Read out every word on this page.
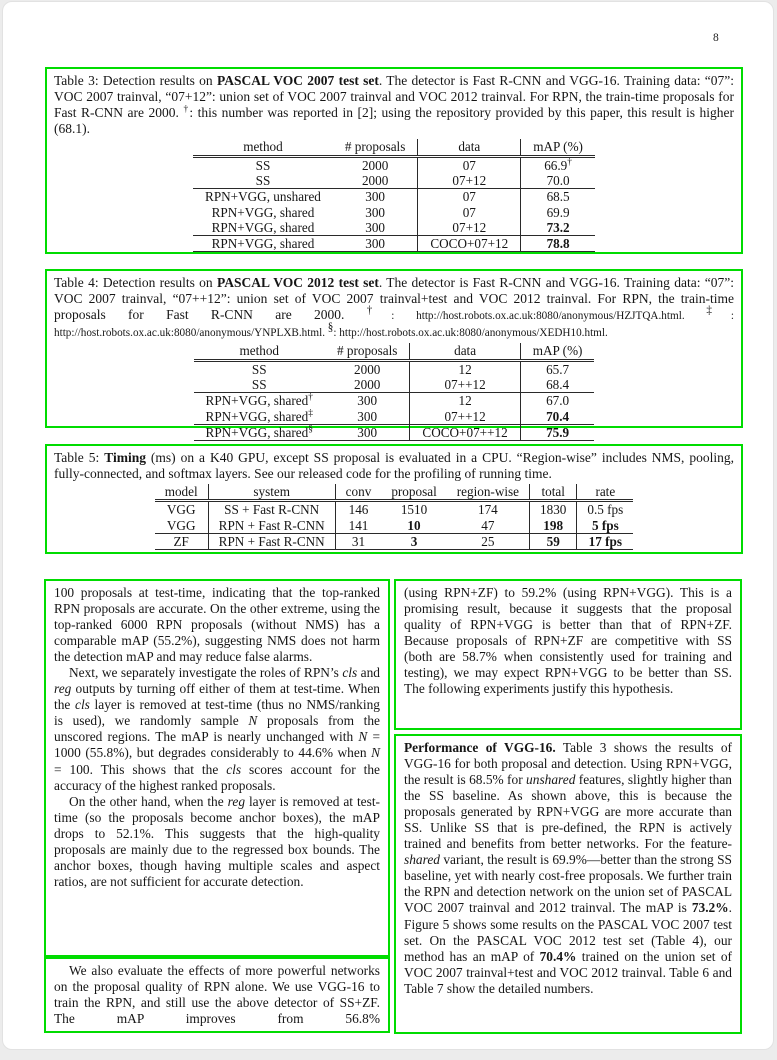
8

Table 3: Detection results on PASCAL VOC 2007 test set. The detector is Fast R-CNN and VGG-16. Training data: “07”: VOC 2007 trainval, “07+12”: union set of VOC 2007 trainval and VOC 2012 trainval. For RPN, the train-time proposals for Fast R-CNN are 2000. †: this number was reported in [2]; using the repository provided by this paper, this result is higher (68.1).

method	# proposals	data	mAP (%)
SS	2000	07	66.9†
SS	2000	07+12	70.0
RPN+VGG, unshared	300	07	68.5
RPN+VGG, shared	300	07	69.9
RPN+VGG, shared	300	07+12	73.2
RPN+VGG, shared	300	COCO+07+12	78.8

Table 4: Detection results on PASCAL VOC 2012 test set. The detector is Fast R-CNN and VGG-16. Training data: “07”: VOC 2007 trainval, “07++12”: union set of VOC 2007 trainval+test and VOC 2012 trainval. For RPN, the train-time proposals for Fast R-CNN are 2000. †: http://host.robots.ox.ac.uk:8080/anonymous/HZJTQA.html. ‡: http://host.robots.ox.ac.uk:8080/anonymous/YNPLXB.html. §: http://host.robots.ox.ac.uk:8080/anonymous/XEDH10.html.

method	# proposals	data	mAP (%)
SS	2000	12	65.7
SS	2000	07++12	68.4
RPN+VGG, shared†	300	12	67.0
RPN+VGG, shared‡	300	07++12	70.4
RPN+VGG, shared§	300	COCO+07++12	75.9

Table 5: Timing (ms) on a K40 GPU, except SS proposal is evaluated in a CPU. “Region-wise” includes NMS, pooling, fully-connected, and softmax layers. See our released code for the profiling of running time.

model	system	conv	proposal	region-wise	total	rate
VGG	SS + Fast R-CNN	146	1510	174	1830	0.5 fps
VGG	RPN + Fast R-CNN	141	10	47	198	5 fps
ZF	RPN + Fast R-CNN	31	3	25	59	17 fps

100 proposals at test-time, indicating that the top-ranked RPN proposals are accurate. On the other extreme, using the top-ranked 6000 RPN proposals (without NMS) has a comparable mAP (55.2%), suggesting NMS does not harm the detection mAP and may reduce false alarms.

Next, we separately investigate the roles of RPN’s cls and reg outputs by turning off either of them at test-time. When the cls layer is removed at test-time (thus no NMS/ranking is used), we randomly sample N proposals from the unscored regions. The mAP is nearly unchanged with N = 1000 (55.8%), but degrades considerably to 44.6% when N = 100. This shows that the cls scores account for the accuracy of the highest ranked proposals.

On the other hand, when the reg layer is removed at test-time (so the proposals become anchor boxes), the mAP drops to 52.1%. This suggests that the high-quality proposals are mainly due to the regressed box bounds. The anchor boxes, though having multiple scales and aspect ratios, are not sufficient for accurate detection.

We also evaluate the effects of more powerful networks on the proposal quality of RPN alone. We use VGG-16 to train the RPN, and still use the above detector of SS+ZF. The mAP improves from 56.8%

(using RPN+ZF) to 59.2% (using RPN+VGG). This is a promising result, because it suggests that the proposal quality of RPN+VGG is better than that of RPN+ZF. Because proposals of RPN+ZF are competitive with SS (both are 58.7% when consistently used for training and testing), we may expect RPN+VGG to be better than SS. The following experiments justify this hypothesis.

Performance of VGG-16. Table 3 shows the results of VGG-16 for both proposal and detection. Using RPN+VGG, the result is 68.5% for unshared features, slightly higher than the SS baseline. As shown above, this is because the proposals generated by RPN+VGG are more accurate than SS. Unlike SS that is pre-defined, the RPN is actively trained and benefits from better networks. For the feature-shared variant, the result is 69.9%—better than the strong SS baseline, yet with nearly cost-free proposals. We further train the RPN and detection network on the union set of PASCAL VOC 2007 trainval and 2012 trainval. The mAP is 73.2%. Figure 5 shows some results on the PASCAL VOC 2007 test set. On the PASCAL VOC 2012 test set (Table 4), our method has an mAP of 70.4% trained on the union set of VOC 2007 trainval+test and VOC 2012 trainval. Table 6 and Table 7 show the detailed numbers.
